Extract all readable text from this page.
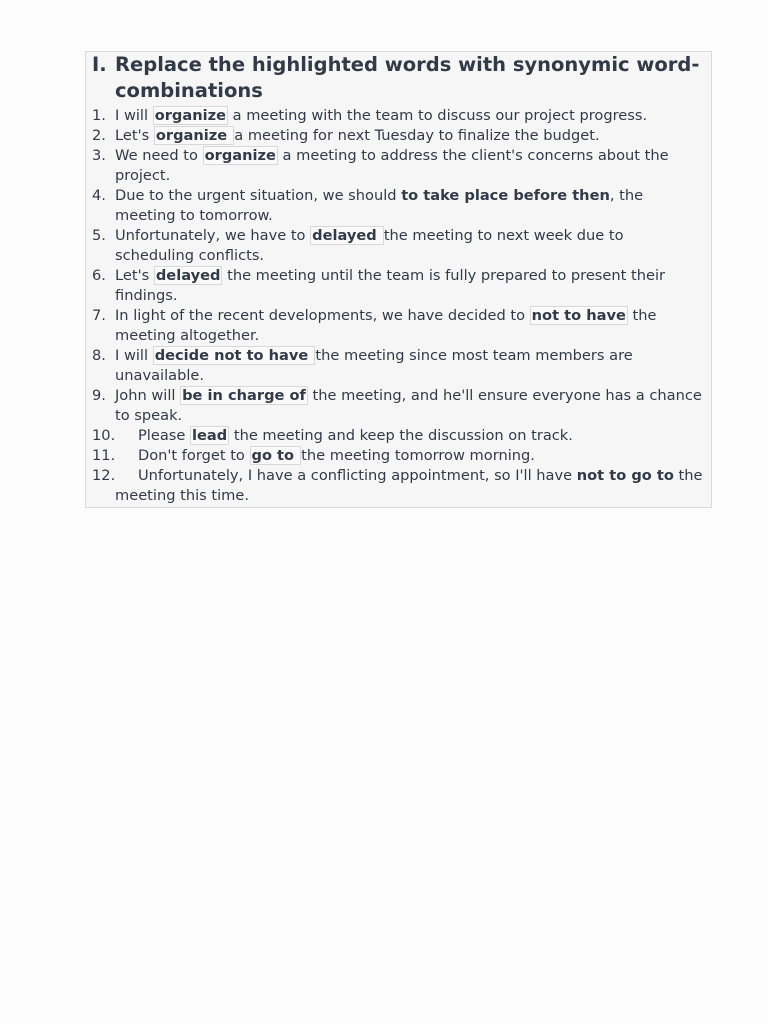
I. Replace the highlighted words with synonymic word-combinations
1. I will organize a meeting with the team to discuss our project progress.
2. Let's organize a meeting for next Tuesday to finalize the budget.
3. We need to organize a meeting to address the client's concerns about the project.
4. Due to the urgent situation, we should to take place before then, the meeting to tomorrow.
5. Unfortunately, we have to delayed the meeting to next week due to scheduling conflicts.
6. Let's delayed the meeting until the team is fully prepared to present their findings.
7. In light of the recent developments, we have decided to not to have the meeting altogether.
8. I will decide not to have the meeting since most team members are unavailable.
9. John will be in charge of the meeting, and he'll ensure everyone has a chance to speak.
10. Please lead the meeting and keep the discussion on track.
11. Don't forget to go to the meeting tomorrow morning.
12. Unfortunately, I have a conflicting appointment, so I'll have not to go to the meeting this time.
